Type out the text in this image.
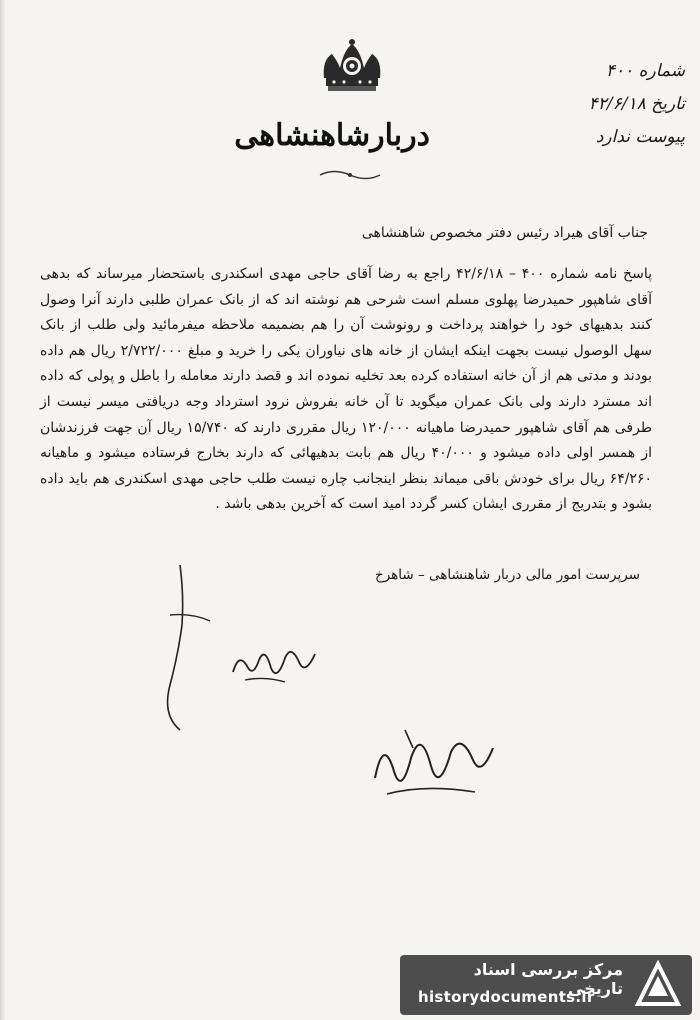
دربارشاهنشاهی
شماره ۴۰۰
تاریخ ۴۲/۶/۱۸
پیوست ندارد
جناب آقای هیراد رئیس دفتر مخصوص شاهنشاهی

پاسخ نامه شماره ۴۰۰ – ۴۲/۶/۱۸ راجع به رضا آقای حاجی مهدی اسکندری باستحضار میرساند که بدهی آقای شاهپور حمیدرضا پهلوی مسلم است شرحی هم نوشته اند که از بانک عمران طلبی دارند آنرا وصول کنند بدهیهای خود را خواهند پرداخت و رونوشت آن را هم بضمیمه ملاحظه میفرمائید ولی طلب از بانک سهل الوصول نیست بجهت اینکه ایشان از خانه های نیاوران یکی را خرید و مبلغ ۲/۷۲۲/۰۰۰ ریال هم داده بودند و مدتی هم از آن خانه استفاده کرده بعد تخلیه نموده اند و قصد دارند معامله را باطل و پولی که داده اند مسترد دارند ولی بانک عمران میگوید تا آن خانه بفروش نرود استرداد وجه دریافتی میسر نیست از طرفی هم آقای شاهپور حمیدرضا ماهیانه ۱۲۰/۰۰۰ ریال مقرری دارند که ۱۵/۷۴۰ ریال آن جهت فرزندشان از همسر اولی داده میشود و ۴۰/۰۰۰ ریال هم بابت بدهیهائی که دارند بخارج فرستاده میشود و ماهیانه ۶۴/۲۶۰ ریال برای خودش باقی میماند بنظر اینجانب چاره نیست طلب حاجی مهدی اسکندری هم باید داده بشود و بتدریج از مقرری ایشان کسر گردد امید است که آخرین بدهی باشد .

سرپرست امور مالی دربار شاهنشاهی – شاهرخ
مرکز بررسی اسناد تاریخی
historydocuments.ir
